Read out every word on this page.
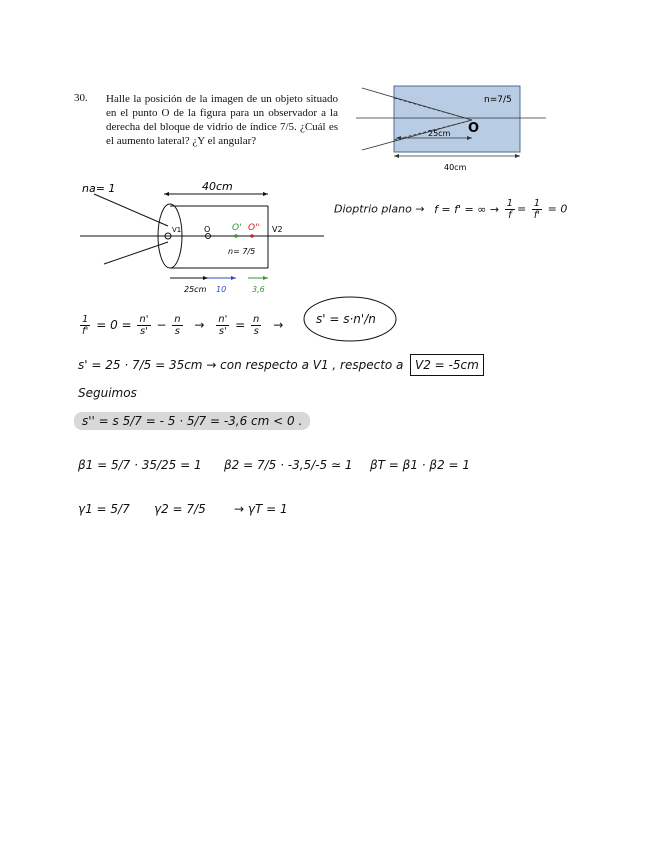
30. Halle la posición de la imagen de un objeto situado en el punto O de la figura para un observador a la derecha del bloque de vidrio de índice 7/5. ¿Cuál es el aumento lateral? ¿Y el angular?
n=7/5
O
25cm
40cm
na= 1	40cm
V1	O O' O'' V2
n= 7/5
25cm 10	3,6
Dioptrio plano → f = f' = ∞ → $\frac{1}{f} = \frac{1}{f'} = 0$
$\frac{1}{f'} = 0 = \frac{n'}{s'} - \frac{n}{s} \to \frac{n'}{s'} = \frac{n}{s}$ →	s' = s·n'/n
s' = 25 · 7/5 = 35cm → con respecto a V1 , respecto a V2 = -5cm
Seguimos
s'' = s 5/7 = - 5 · 5/7 = -3,6 cm < 0 .
β1 = 5/7 · 35/25 = 1 β2 = 7/5 · -3,5/-5 ≃ 1 βT = β1 · β2 = 1
γ1 = 5/7 γ2 = 7/5 → γT = 1
